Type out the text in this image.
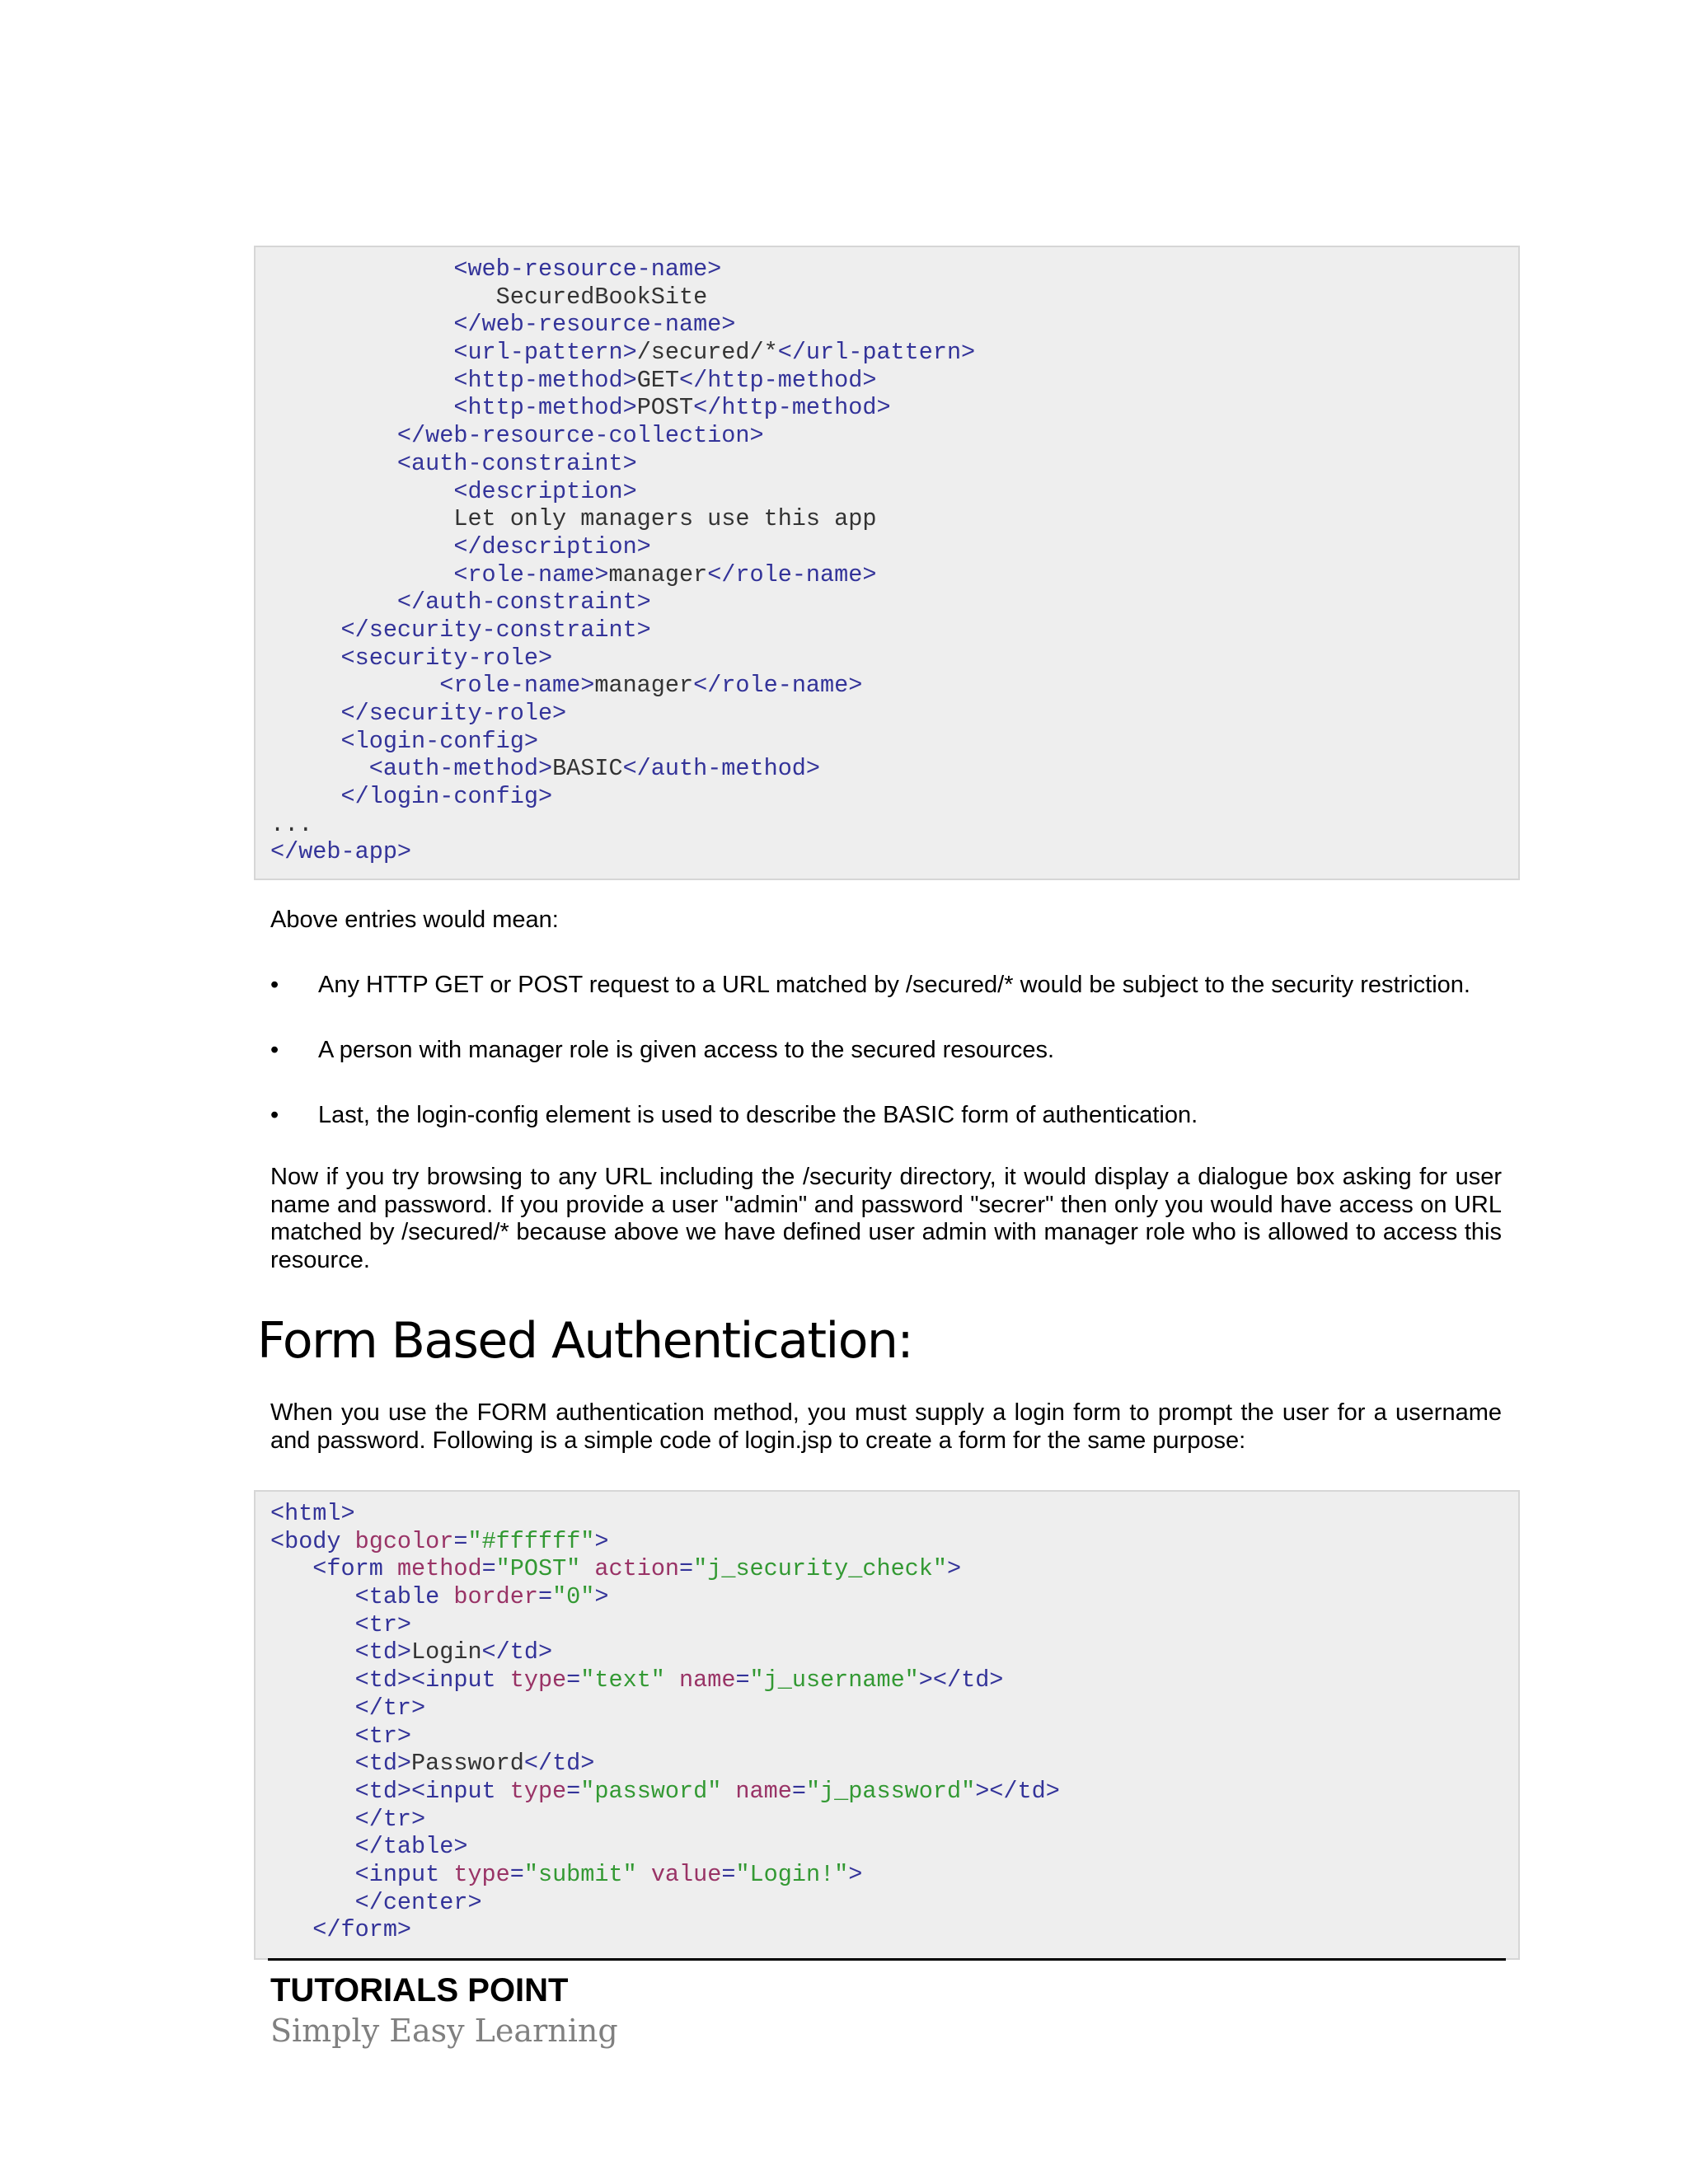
<web-resource-name>
SecuredBookSite
</web-resource-name>
<url-pattern>/secured/*</url-pattern>
<http-method>GET</http-method>
<http-method>POST</http-method>
</web-resource-collection>
<auth-constraint>
<description>
Let only managers use this app
</description>
<role-name>manager</role-name>
</auth-constraint>
</security-constraint>
<security-role>
<role-name>manager</role-name>
</security-role>
<login-config>
<auth-method>BASIC</auth-method>
</login-config>
...
</web-app>
Above entries would mean:
• Any HTTP GET or POST request to a URL matched by /secured/* would be subject to the security restriction.
• A person with manager role is given access to the secured resources.
• Last, the login-config element is used to describe the BASIC form of authentication.
Now if you try browsing to any URL including the /security directory, it would display a dialogue box asking for user name and password. If you provide a user "admin" and password "secrer" then only you would have access on URL matched by /secured/* because above we have defined user admin with manager role who is allowed to access this resource.
Form Based Authentication:
When you use the FORM authentication method, you must supply a login form to prompt the user for a username and password. Following is a simple code of login.jsp to create a form for the same purpose:
<html>
<body bgcolor="#ffffff">
<form method="POST" action="j_security_check">
<table border="0">
<tr>
<td>Login</td>
<td><input type="text" name="j_username"></td>
</tr>
<tr>
<td>Password</td>
<td><input type="password" name="j_password"></td>
</tr>
</table>
<input type="submit" value="Login!">
</center>
</form>
TUTORIALS POINT
Simply Easy Learning
